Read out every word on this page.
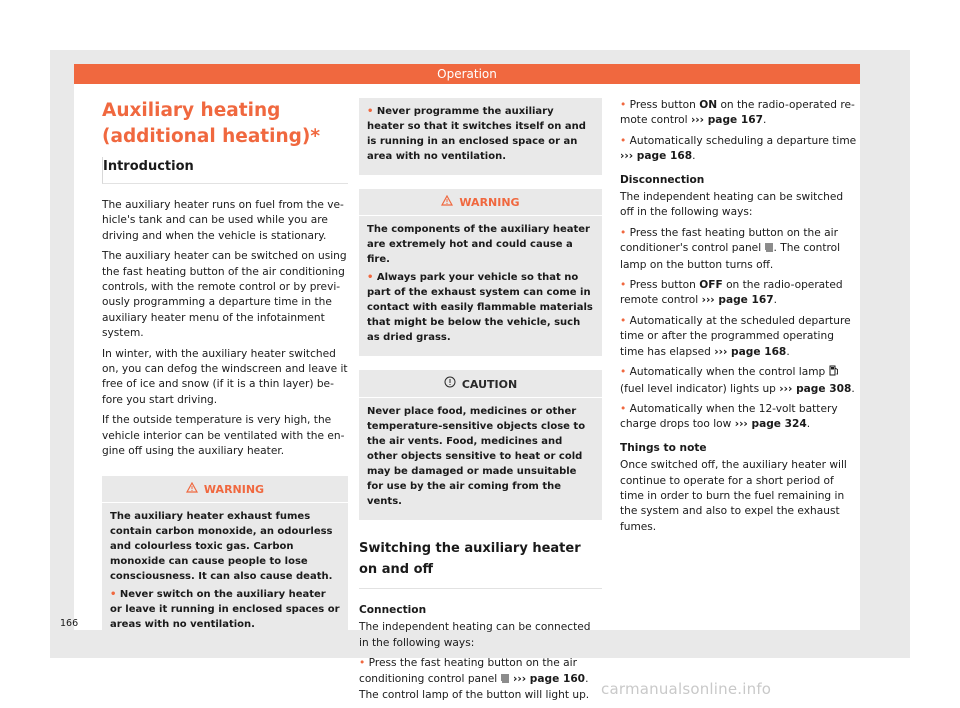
Operation
Auxiliary heating (additional heating)*
Introduction

The auxiliary heater runs on fuel from the vehicle's tank and can be used while you are driving and when the vehicle is stationary.

The auxiliary heater can be switched on using the fast heating button of the air conditioning controls, with the remote control or by previously programming a departure time in the auxiliary heater menu of the infotainment system.

In winter, with the auxiliary heater switched on, you can defog the windscreen and leave it free of ice and snow (if it is a thin layer) before you start driving.

If the outside temperature is very high, the vehicle interior can be ventilated with the engine off using the auxiliary heater.

WARNING

The auxiliary heater exhaust fumes contain carbon monoxide, an odourless and colourless toxic gas. Carbon monoxide can cause people to lose consciousness. It can also cause death.

• Never switch on the auxiliary heater or leave it running in enclosed spaces or areas with no ventilation.

• Never programme the auxiliary heater so that it switches itself on and is running in an enclosed space or an area with no ventilation.

WARNING

The components of the auxiliary heater are extremely hot and could cause a fire.

• Always park your vehicle so that no part of the exhaust system can come in contact with easily flammable materials that might be below the vehicle, such as dried grass.

CAUTION

Never place food, medicines or other temperature-sensitive objects close to the air vents. Food, medicines and other objects sensitive to heat or cold may be damaged or made unsuitable for use by the air coming from the vents.

Switching the auxiliary heater on and off
Connection

The independent heating can be connected in the following ways:

• Press the fast heating button on the air conditioning control panel ››› page 160. The control lamp of the button will light up.

• Press button ON on the radio-operated remote control ››› page 167.

• Automatically scheduling a departure time ››› page 168.

Disconnection

The independent heating can be switched off in the following ways:

• Press the fast heating button on the air conditioner's control panel . The control lamp on the button turns off.

• Press button OFF on the radio-operated remote control ››› page 167.

• Automatically at the scheduled departure time or after the programmed operating time has elapsed ››› page 168.

• Automatically when the control lamp  (fuel level indicator) lights up ››› page 308.

• Automatically when the 12-volt battery charge drops too low ››› page 324.

Things to note

Once switched off, the auxiliary heater will continue to operate for a short period of time in order to burn the fuel remaining in the system and also to expel the exhaust fumes.

166
carmanualsonline.info
